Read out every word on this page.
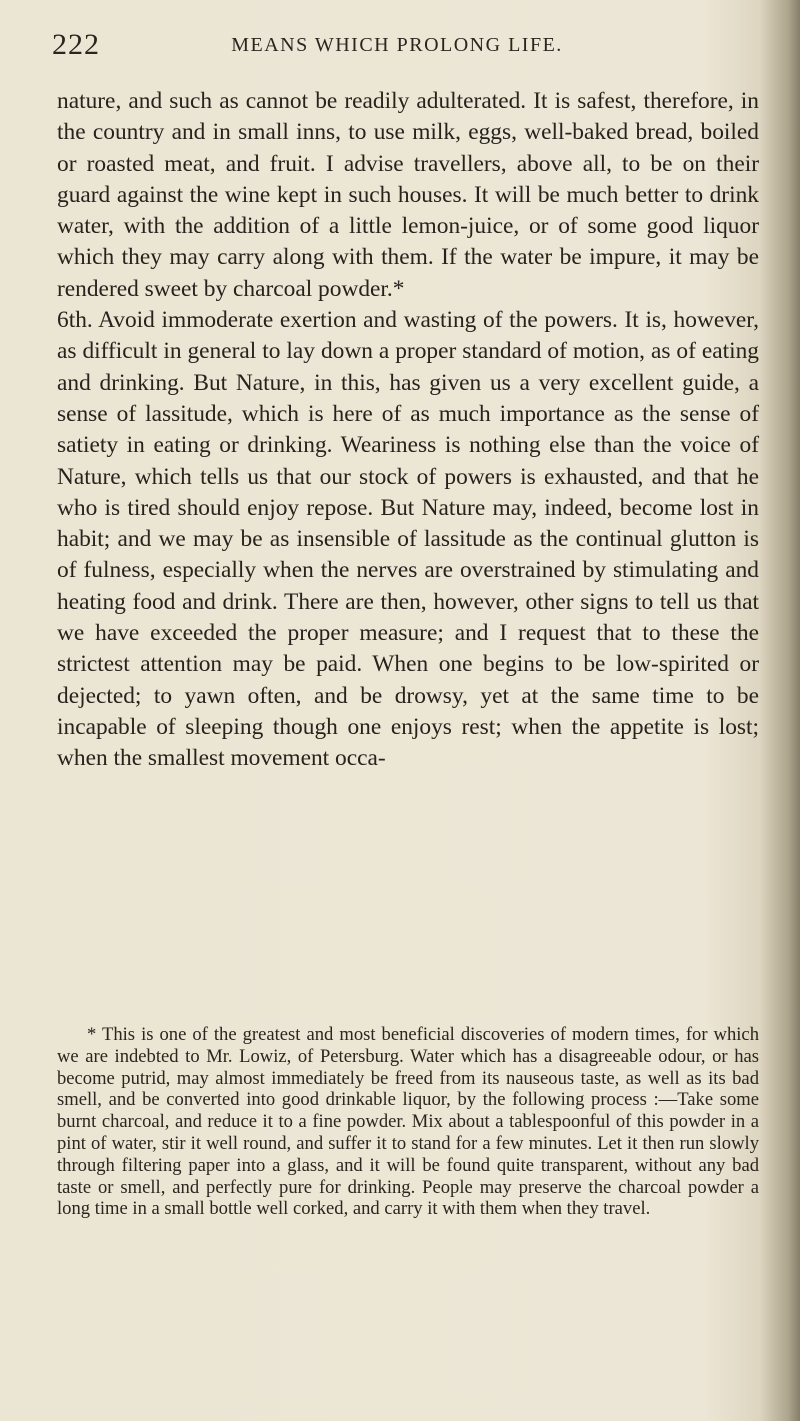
222	MEANS WHICH PROLONG LIFE.

nature, and such as cannot be readily adulterated. It is safest, therefore, in the country and in small inns, to use milk, eggs, well-baked bread, boiled or roasted meat, and fruit. I advise travellers, above all, to be on their guard against the wine kept in such houses. It will be much better to drink water, with the addition of a little lemon-juice, or of some good liquor which they may carry along with them. If the water be impure, it may be rendered sweet by charcoal powder.*

6th. Avoid immoderate exertion and wasting of the powers. It is, however, as difficult in general to lay down a proper standard of motion, as of eating and drinking. But Nature, in this, has given us a very excellent guide, a sense of lassitude, which is here of as much importance as the sense of satiety in eating or drinking. Weariness is nothing else than the voice of Nature, which tells us that our stock of powers is exhausted, and that he who is tired should enjoy repose. But Nature may, indeed, become lost in habit; and we may be as insensible of lassitude as the continual glutton is of fulness, especially when the nerves are overstrained by stimulating and heating food and drink. There are then, however, other signs to tell us that we have exceeded the proper measure; and I request that to these the strictest attention may be paid. When one begins to be low-spirited or dejected; to yawn often, and be drowsy, yet at the same time to be incapable of sleeping though one enjoys rest; when the appetite is lost; when the smallest movement occa-

* This is one of the greatest and most beneficial discoveries of modern times, for which we are indebted to Mr. Lowiz, of Petersburg. Water which has a disagreeable odour, or has become putrid, may almost immediately be freed from its nauseous taste, as well as its bad smell, and be converted into good drinkable liquor, by the following process :—Take some burnt charcoal, and reduce it to a fine powder. Mix about a tablespoonful of this powder in a pint of water, stir it well round, and suffer it to stand for a few minutes. Let it then run slowly through filtering paper into a glass, and it will be found quite transparent, without any bad taste or smell, and perfectly pure for drinking. People may preserve the charcoal powder a long time in a small bottle well corked, and carry it with them when they travel.
